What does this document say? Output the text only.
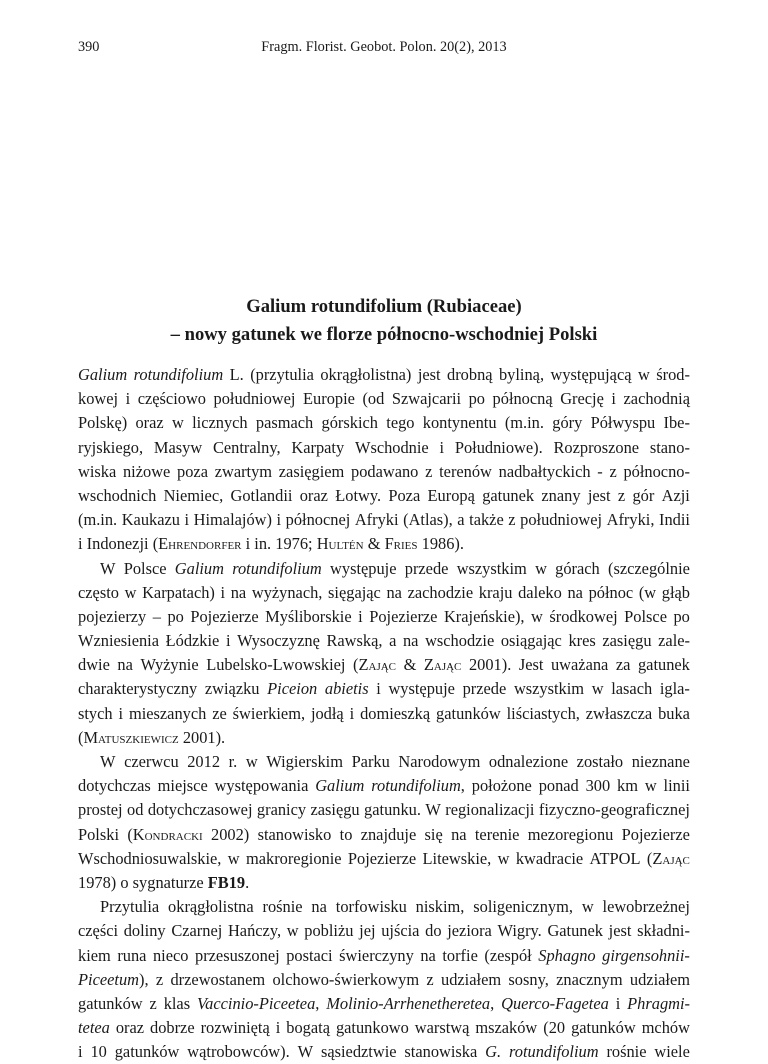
390	Fragm. Florist. Geobot. Polon. 20(2), 2013
Galium rotundifolium (Rubiaceae)
– nowy gatunek we florze północno-wschodniej Polski
Galium rotundifolium L. (przytulia okrągłolistna) jest drobną byliną, występującą w środ-
kowej i częściowo południowej Europie (od Szwajcarii po północną Grecję i zachodnią
Polskę) oraz w licznych pasmach górskich tego kontynentu (m.in. góry Półwyspu Ibe-
ryjskiego, Masyw Centralny, Karpaty Wschodnie i Południowe). Rozproszone stano-
wiska niżowe poza zwartym zasięgiem podawano z terenów nadbałtyckich - z północno-
wschodnich Niemiec, Gotlandii oraz Łotwy. Poza Europą gatunek znany jest z gór Azji
(m.in. Kaukazu i Himalajów) i północnej Afryki (Atlas), a także z południowej Afryki, Indii
i
Indonezji
(Ehrendorfer
i
in.
1976;
Hultén
&
Fries
1986).
W Polsce Galium rotundifolium występuje przede wszystkim w górach (szczególnie
często w Karpatach) i na wyżynach, sięgając na zachodzie kraju daleko na północ (w głąb
pojezierzy – po Pojezierze Myśliborskie i Pojezierze Krajeńskie), w środkowej Polsce po
Wzniesienia Łódzkie i Wysoczyznę Rawską, a na wschodzie osiągając kres zasięgu zale-
dwie na Wyżynie Lubelsko-Lwowskiej (Zając & Zając 2001). Jest uważana za gatunek
charakterystyczny związku Piceion abietis i występuje przede wszystkim w lasach igla-
stych i mieszanych ze świerkiem, jodłą i domieszką gatunków liściastych, zwłaszcza buka
(Matuszkiewicz
2001).
W czerwcu 2012 r. w Wigierskim Parku Narodowym odnalezione zostało nieznane
dotychczas miejsce występowania Galium rotundifolium, położone ponad 300 km w linii
prostej od dotychczasowej granicy zasięgu gatunku. W regionalizacji fizyczno-geograficznej
Polski (Kondracki 2002) stanowisko to znajduje się na terenie mezoregionu Pojezierze
Wschodniosuwalskie, w makroregionie Pojezierze Litewskie, w kwadracie ATPOL (Zając
1978)
o
sygnaturze
FB19.
Przytulia okrągłolistna rośnie na torfowisku niskim, soligenicznym, w lewobrzeżnej
części doliny Czarnej Hańczy, w pobliżu jej ujścia do jeziora Wigry. Gatunek jest składni-
kiem runa nieco przesuszonej postaci świerczyny na torfie (zespół Sphagno girgensohnii-
Piceetum), z drzewostanem olchowo-świerkowym z udziałem sosny, znacznym udziałem
gatunków z klas Vaccinio-Piceetea, Molinio-Arrhenetheretea, Querco-Fagetea i Phragmi-
tetea oraz dobrze rozwiniętą i bogatą gatunkowo warstwą mszaków (20 gatunków mchów
i 10 gatunków wątrobowców). W sąsiedztwie stanowiska G. rotundifolium rośnie wiele
